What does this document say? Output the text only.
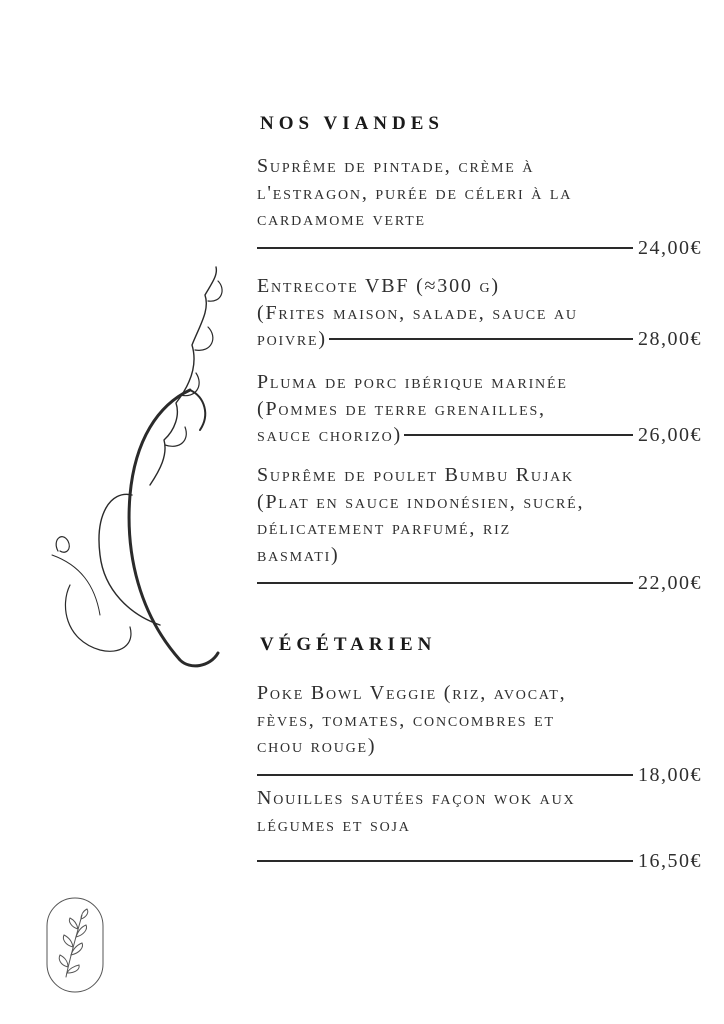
NOS VIANDES
Suprême de pintade, crème à
l'estragon, purée de céleri à la
cardamome verte
24,00€
Entrecote VBF (≈300 g)
(Frites maison, salade, sauce au
poivre)	28,00€
Pluma de porc ibérique marinée
(Pommes de terre grenailles,
sauce chorizo)	26,00€
Suprême de poulet Bumbu Rujak
(Plat en sauce indonésien, sucré,
délicatement parfumé, riz
basmati)
22,00€
VÉGÉTARIEN
Poke Bowl Veggie (riz, avocat,
fèves, tomates, concombres et
chou rouge)
18,00€
Nouilles sautées façon wok aux
légumes et soja
16,50€
